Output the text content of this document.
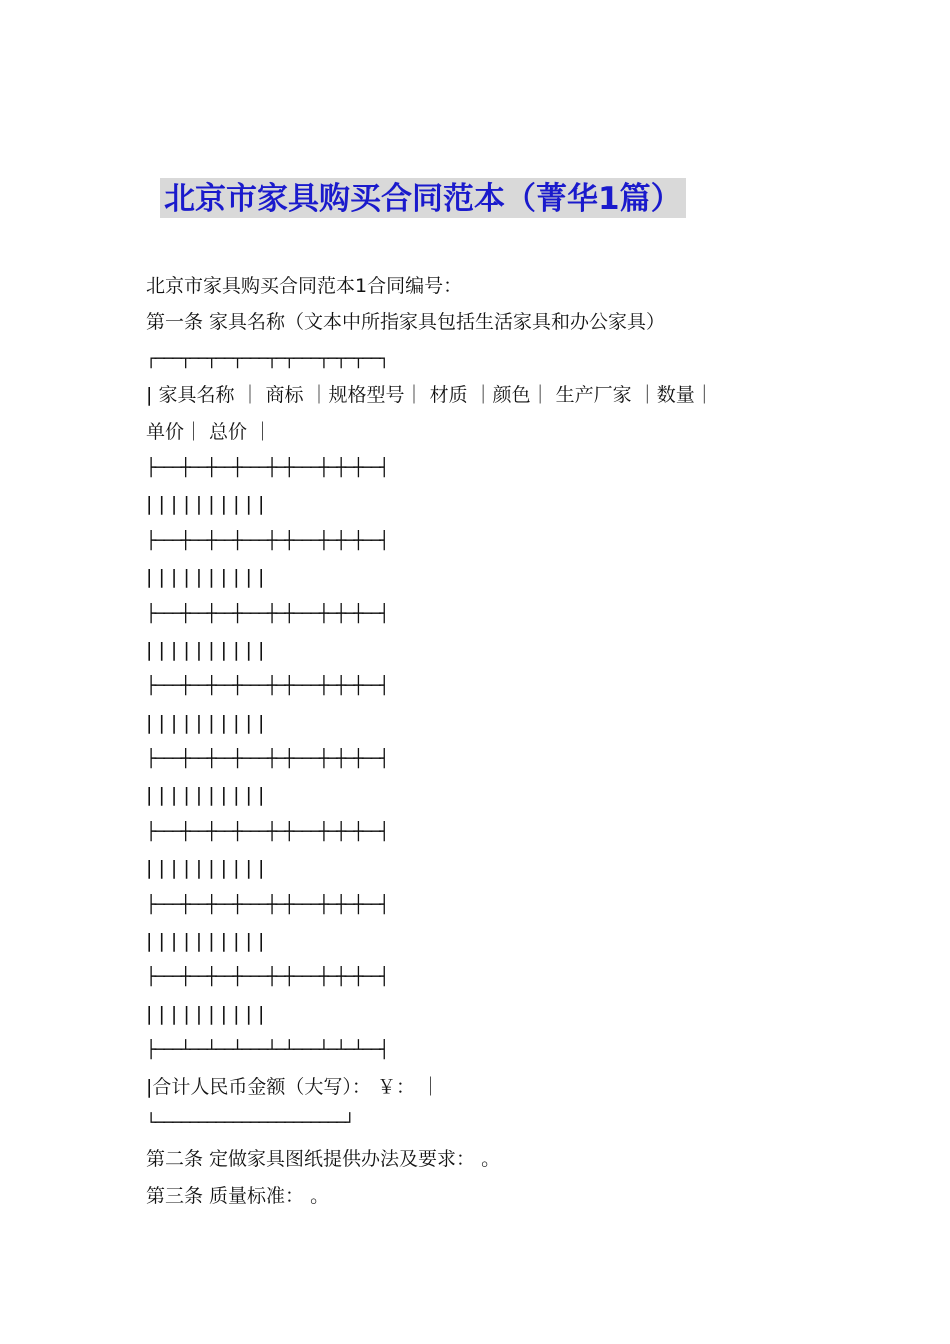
北京市家具购买合同范本（菁华1篇）
北京市家具购买合同范本1合同编号：
第一条 家具名称（文本中所指家具包括生活家具和办公家具）
┌───┬──┬──┬───┬─┬───┬─┬─┬──┐
| 家具名称 ｜ 商标 ｜规格型号｜ 材质 ｜颜色｜ 生产厂家 ｜数量｜
单价｜ 总价 ｜
├───┼──┼──┼───┼─┼───┼─┼─┼──┤
| | | | | | | | | |
├───┼──┼──┼───┼─┼───┼─┼─┼──┤
| | | | | | | | | |
├───┼──┼──┼───┼─┼───┼─┼─┼──┤
| | | | | | | | | |
├───┼──┼──┼───┼─┼───┼─┼─┼──┤
| | | | | | | | | |
├───┼──┼──┼───┼─┼───┼─┼─┼──┤
| | | | | | | | | |
├───┼──┼──┼───┼─┼───┼─┼─┼──┤
| | | | | | | | | |
├───┼──┼──┼───┼─┼───┼─┼─┼──┤
| | | | | | | | | |
├───┼──┼──┼───┼─┼───┼─┼─┼──┤
| | | | | | | | | |
├───┴──┴──┴───┴─┴───┴─┴─┴──┤
|合计人民币金额（大写）： ￥： ｜
└──────────────────────┘
第二条 定做家具图纸提供办法及要求： 。
第三条 质量标准： 。
